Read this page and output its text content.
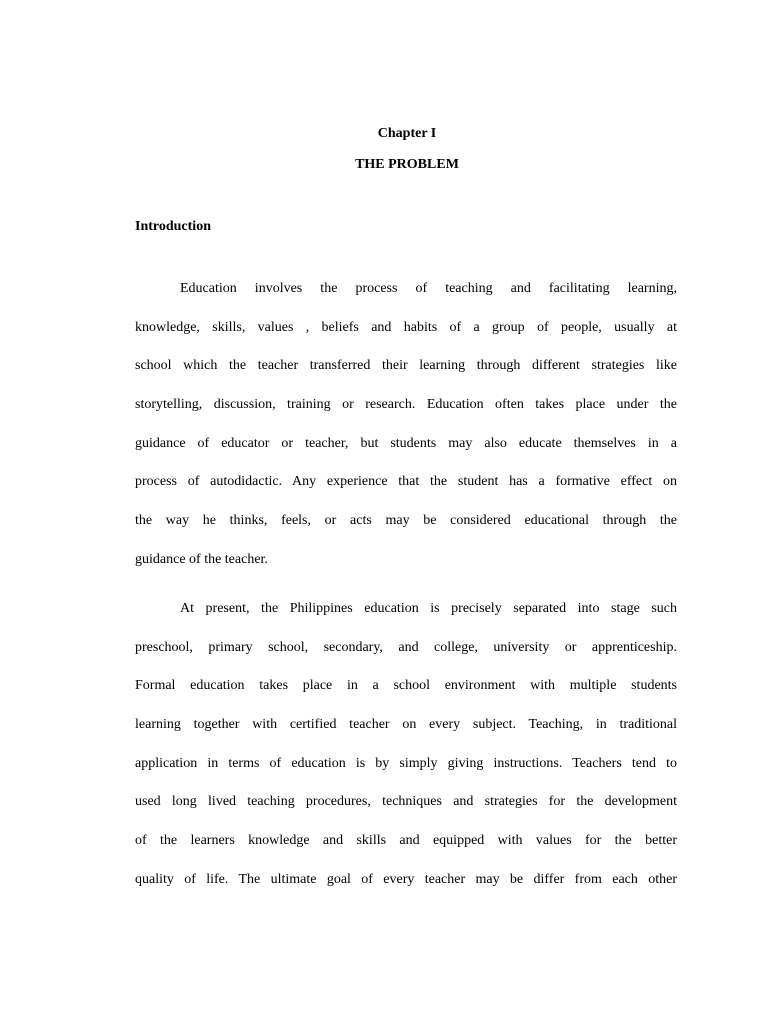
Chapter I
THE PROBLEM
Introduction
Education involves the process of teaching and facilitating learning,
knowledge, skills, values , beliefs and habits of a group of people, usually at
school which the teacher transferred their learning through different strategies like
storytelling, discussion, training or research. Education often takes place under the
guidance of educator or teacher, but students may also educate themselves in a
process of autodidactic. Any experience that the student has a formative effect on
the way he thinks, feels, or acts may be considered educational through the
guidance of the teacher.
At present, the Philippines education is precisely separated into stage such
preschool, primary school, secondary, and college, university or apprenticeship.
Formal education takes place in a school environment with multiple students
learning together with certified teacher on every subject. Teaching, in traditional
application in terms of education is by simply giving instructions. Teachers tend to
used long lived teaching procedures, techniques and strategies for the development
of the learners knowledge and skills and equipped with values for the better
quality of life. The ultimate goal of every teacher may be differ from each other
